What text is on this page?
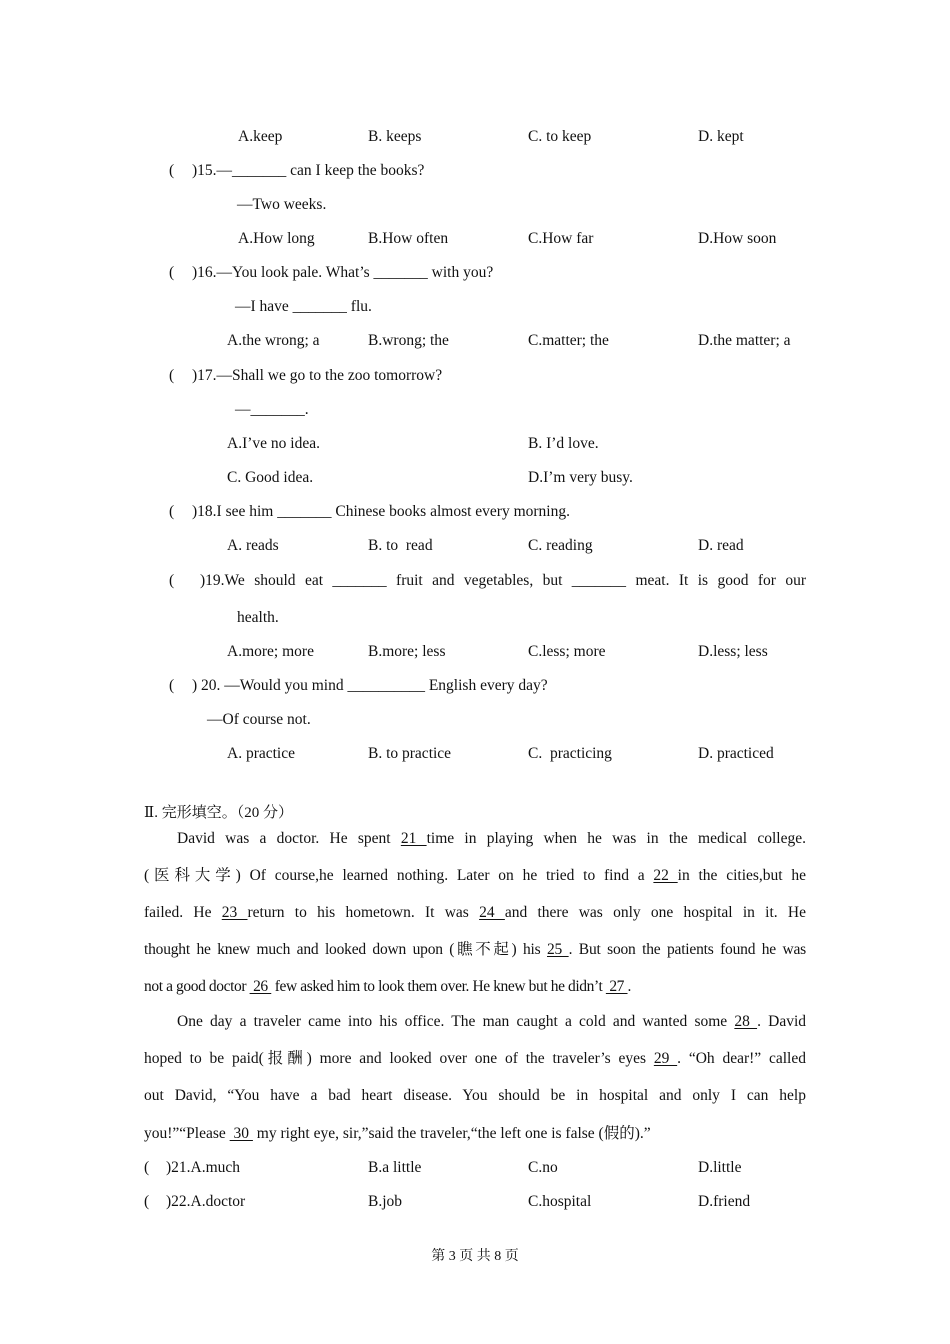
A.keep	B. keeps	C. to keep	D. kept
( )15.—_______ can I keep the books?
—Two weeks.
A.How long	B.How often	C.How far	D.How soon
( )16.—You look pale. What’s _______ with you?
—I have _______ flu.
A.the wrong; a	B.wrong; the	C.matter; the	D.the matter; a
( )17.—Shall we go to the zoo tomorrow?
—_______.
A.I’ve no idea.	B. I’d love.
C. Good idea.	D.I’m very busy.
( )18.I see him _______ Chinese books almost every morning.
A. reads	B. to  read	C. reading	D. read
( )19.We should eat _______ fruit and vegetables, but _______ meat. It is good for our
health.
A.more; more	B.more; less	C.less; more	D.less; less
( ) 20. —Would you mind __________ English every day?
—Of course not.
A. practice	B. to practice	C.  practicing	D. practiced
Ⅱ. 完形填空。（20 分）
David was a doctor. He spent 21 time in playing when he was in the medical college.
(医科大学) Of course,he learned nothing. Later on he tried to find a 22 in the cities,but he
failed. He 23 return to his hometown. It was 24 and there was only one hospital in it. He
thought he knew much and looked down upon (瞧不起) his 25 . But soon the patients found he was
not a good doctor  26  few asked him to look them over. He knew but he didn’t  27 .
One day a traveler came into his office. The man caught a cold and wanted some 28 . David
hoped to be paid(报酬) more and looked over one of the traveler’s eyes 29 . “Oh dear!” called
out David, “You have a bad heart disease. You should be in hospital and only I can help
you!”“Please  30  my right eye, sir,”said the traveler,“the left one is false (假的).”
( )21.A.much	B.a little	C.no	D.little
( )22.A.doctor	B.job	C.hospital	D.friend
第 3 页 共 8 页
